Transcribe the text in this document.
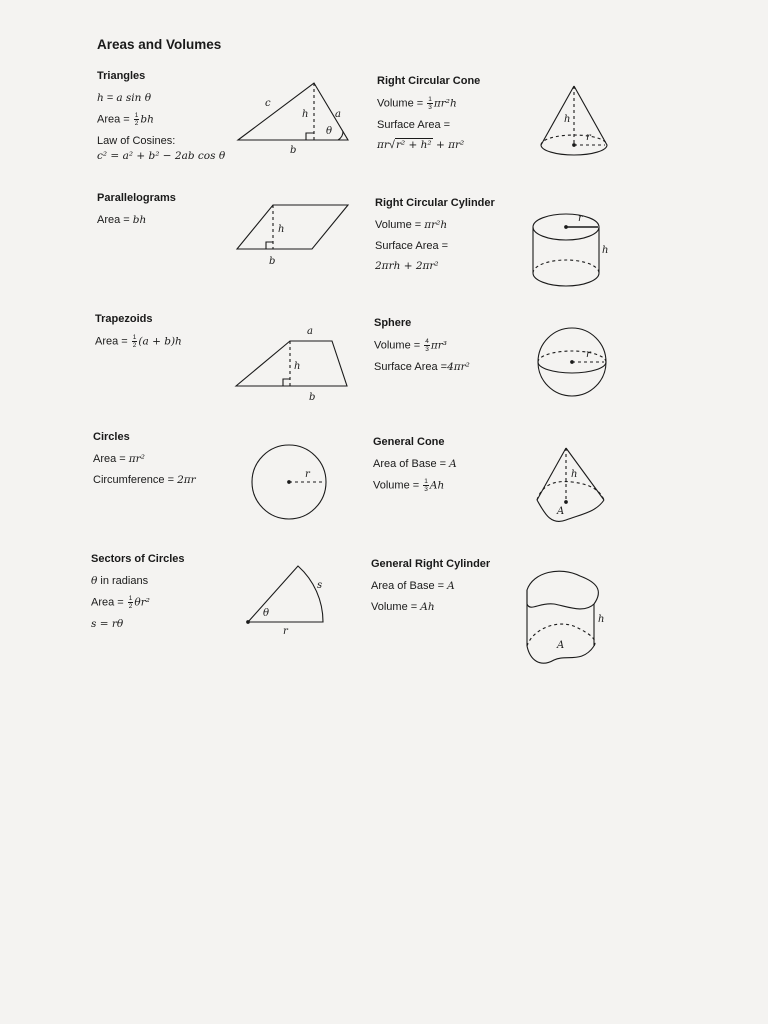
Areas and Volumes
Triangles
h = a sin θ
Area = $\frac{1}{2}$ bh
Law of Cosines:
c² = a² + b² − 2ab cos θ
Parallelograms
Area = bh
Trapezoids
Area = $\frac{1}{2} (a + b)h$
Circles
Area = πr²
Circumference = 2πr
Sectors of Circles
θ in radians
Area = $\frac{1}{2} \theta r^2$
s = rθ
Right Circular Cone
Volume = $\frac{1}{3} \pi r^2h$
Surface Area =
πr√r² + h² + πr²
Right Circular Cylinder
Volume = πr²h
Surface Area =
2πrh + 2πr²
Sphere
Volume = $\frac{4}{3} \pi r^3$
Surface Area =4πr²
General Cone
Area of Base = A
Volume = $\frac{1}{3}$ Ah
General Right Cylinder
Area of Base = A
Volume = Ah
c
h	a
θ
b
h
b
a
h
b
r
s
θ
r
h
r
r
h
r
h
A
h
A
